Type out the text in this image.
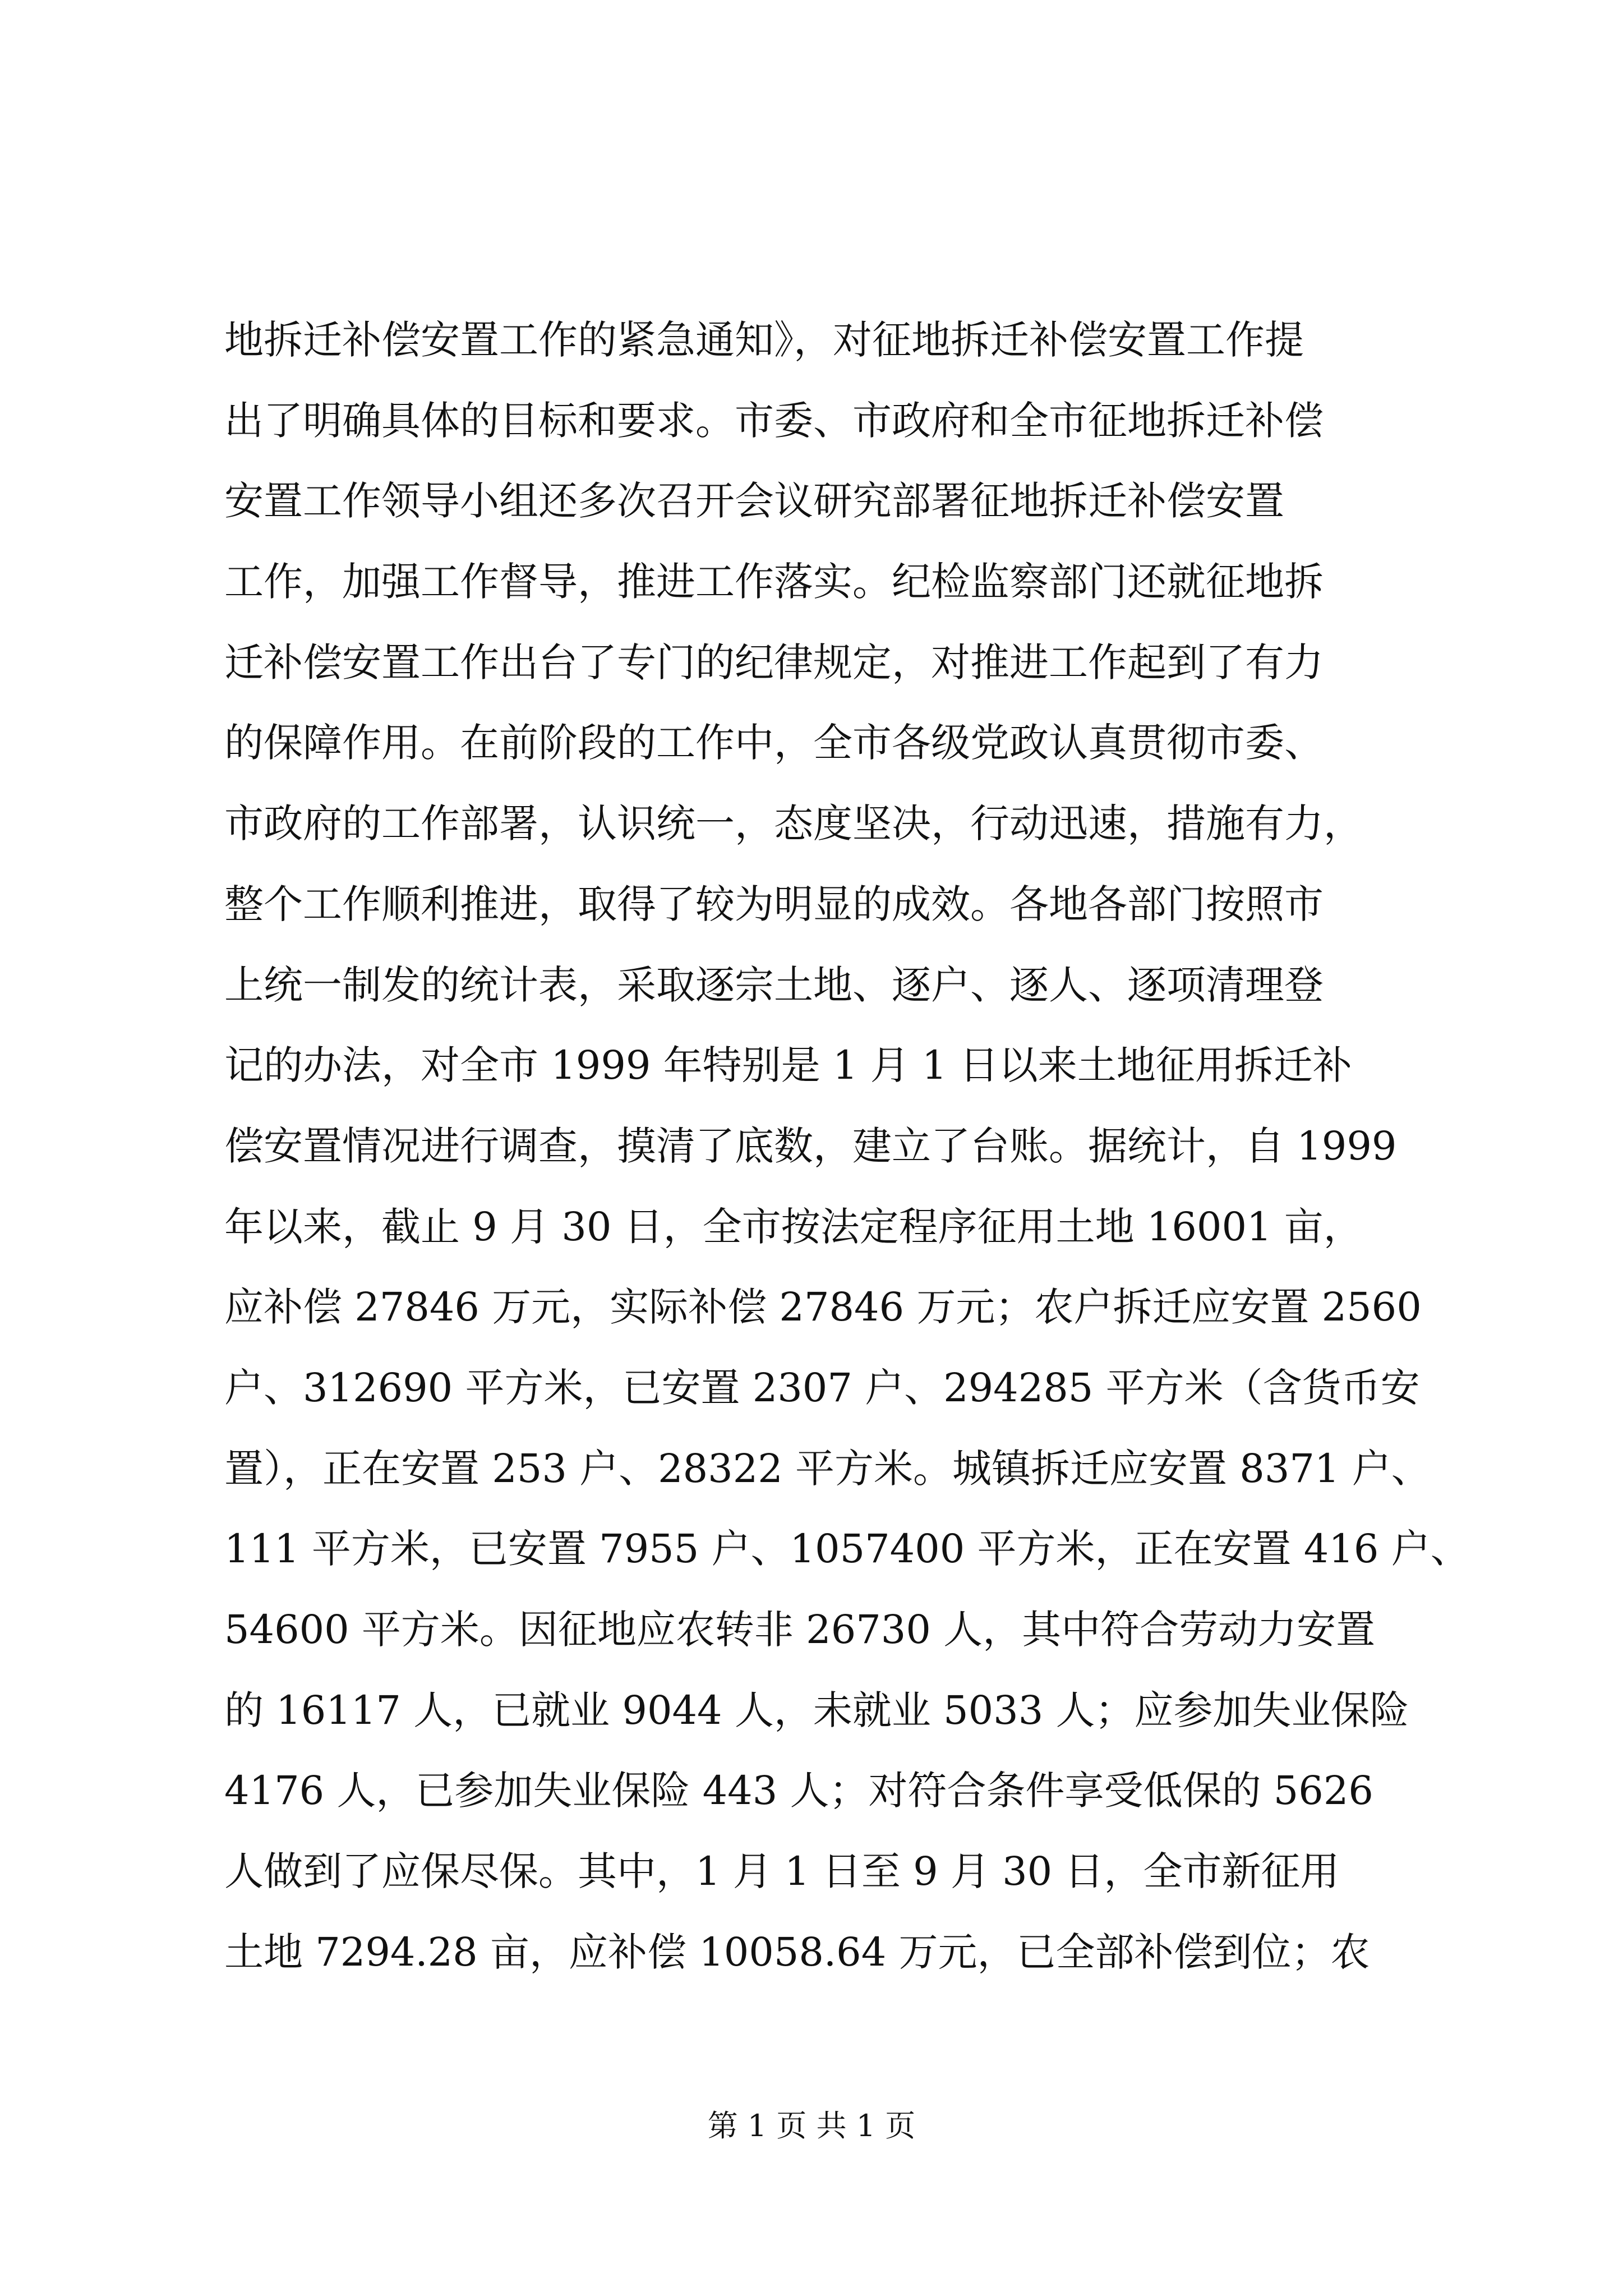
地拆迁补偿安置工作的紧急通知》，对征地拆迁补偿安置工作提
出了明确具体的目标和要求。市委、市政府和全市征地拆迁补偿
安置工作领导小组还多次召开会议研究部署征地拆迁补偿安置
工作，加强工作督导，推进工作落实。纪检监察部门还就征地拆
迁补偿安置工作出台了专门的纪律规定，对推进工作起到了有力
的保障作用。在前阶段的工作中，全市各级党政认真贯彻市委、
市政府的工作部署，认识统一，态度坚决，行动迅速，措施有力，
整个工作顺利推进，取得了较为明显的成效。各地各部门按照市
上统一制发的统计表，采取逐宗土地、逐户、逐人、逐项清理登
记的办法，对全市 1999 年特别是 1 月 1 日以来土地征用拆迁补
偿安置情况进行调查，摸清了底数，建立了台账。据统计，自 1999
年以来，截止 9 月 30 日，全市按法定程序征用土地 16001 亩，
应补偿 27846 万元，实际补偿 27846 万元；农户拆迁应安置 2560
户、312690 平方米，已安置 2307 户、294285 平方米（含货币安
置），正在安置 253 户、28322 平方米。城镇拆迁应安置 8371 户、
111 平方米，已安置 7955 户、1057400 平方米，正在安置 416 户、
54600 平方米。因征地应农转非 26730 人，其中符合劳动力安置
的 16117 人，已就业 9044 人，未就业 5033 人；应参加失业保险
4176 人，已参加失业保险 443 人；对符合条件享受低保的 5626
人做到了应保尽保。其中，1 月 1 日至 9 月 30 日，全市新征用
土地 7294.28 亩，应补偿 10058.64 万元，已全部补偿到位；农
第 1 页 共 1 页
